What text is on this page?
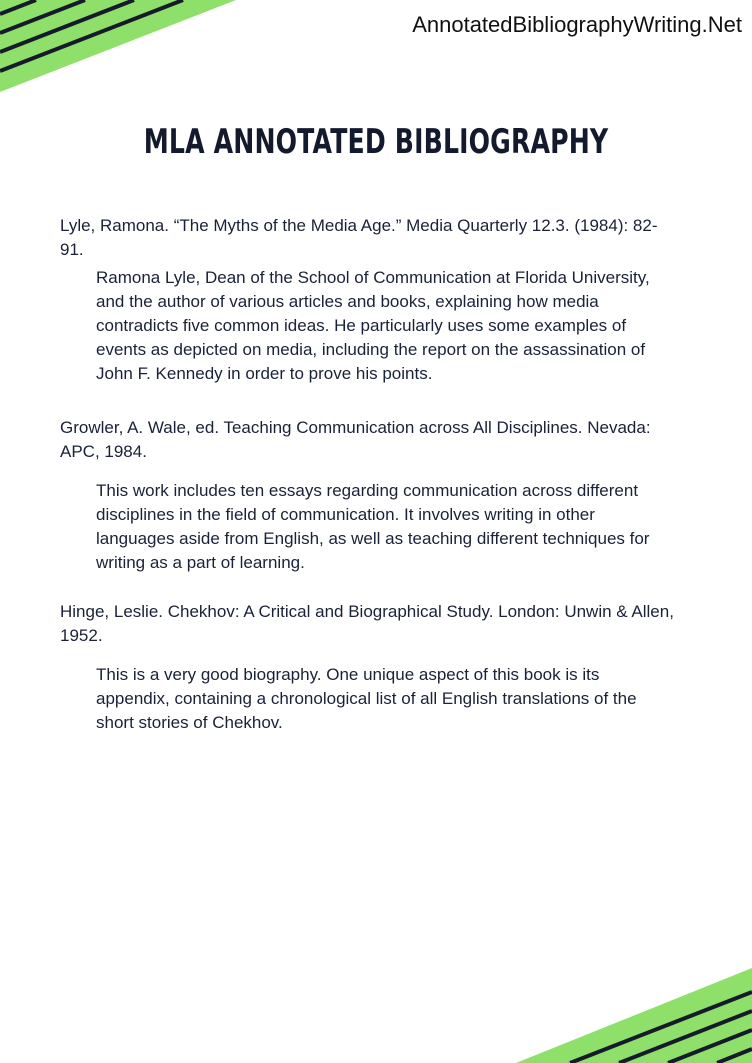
AnnotatedBibliographyWriting.Net
MLA ANNOTATED BIBLIOGRAPHY

Lyle, Ramona. “The Myths of the Media Age.” Media Quarterly 12.3. (1984): 82-91.

Ramona Lyle, Dean of the School of Communication at Florida University, and the author of various articles and books, explaining how media contradicts five common ideas. He particularly uses some examples of events as depicted on media, including the report on the assassination of John F. Kennedy in order to prove his points.

Growler, A. Wale, ed. Teaching Communication across All Disciplines. Nevada: APC, 1984.

This work includes ten essays regarding communication across different disciplines in the field of communication. It involves writing in other languages aside from English, as well as teaching different techniques for writing as a part of learning.

Hinge, Leslie. Chekhov: A Critical and Biographical Study. London: Unwin & Allen, 1952.

This is a very good biography. One unique aspect of this book is its appendix, containing a chronological list of all English translations of the short stories of Chekhov.
